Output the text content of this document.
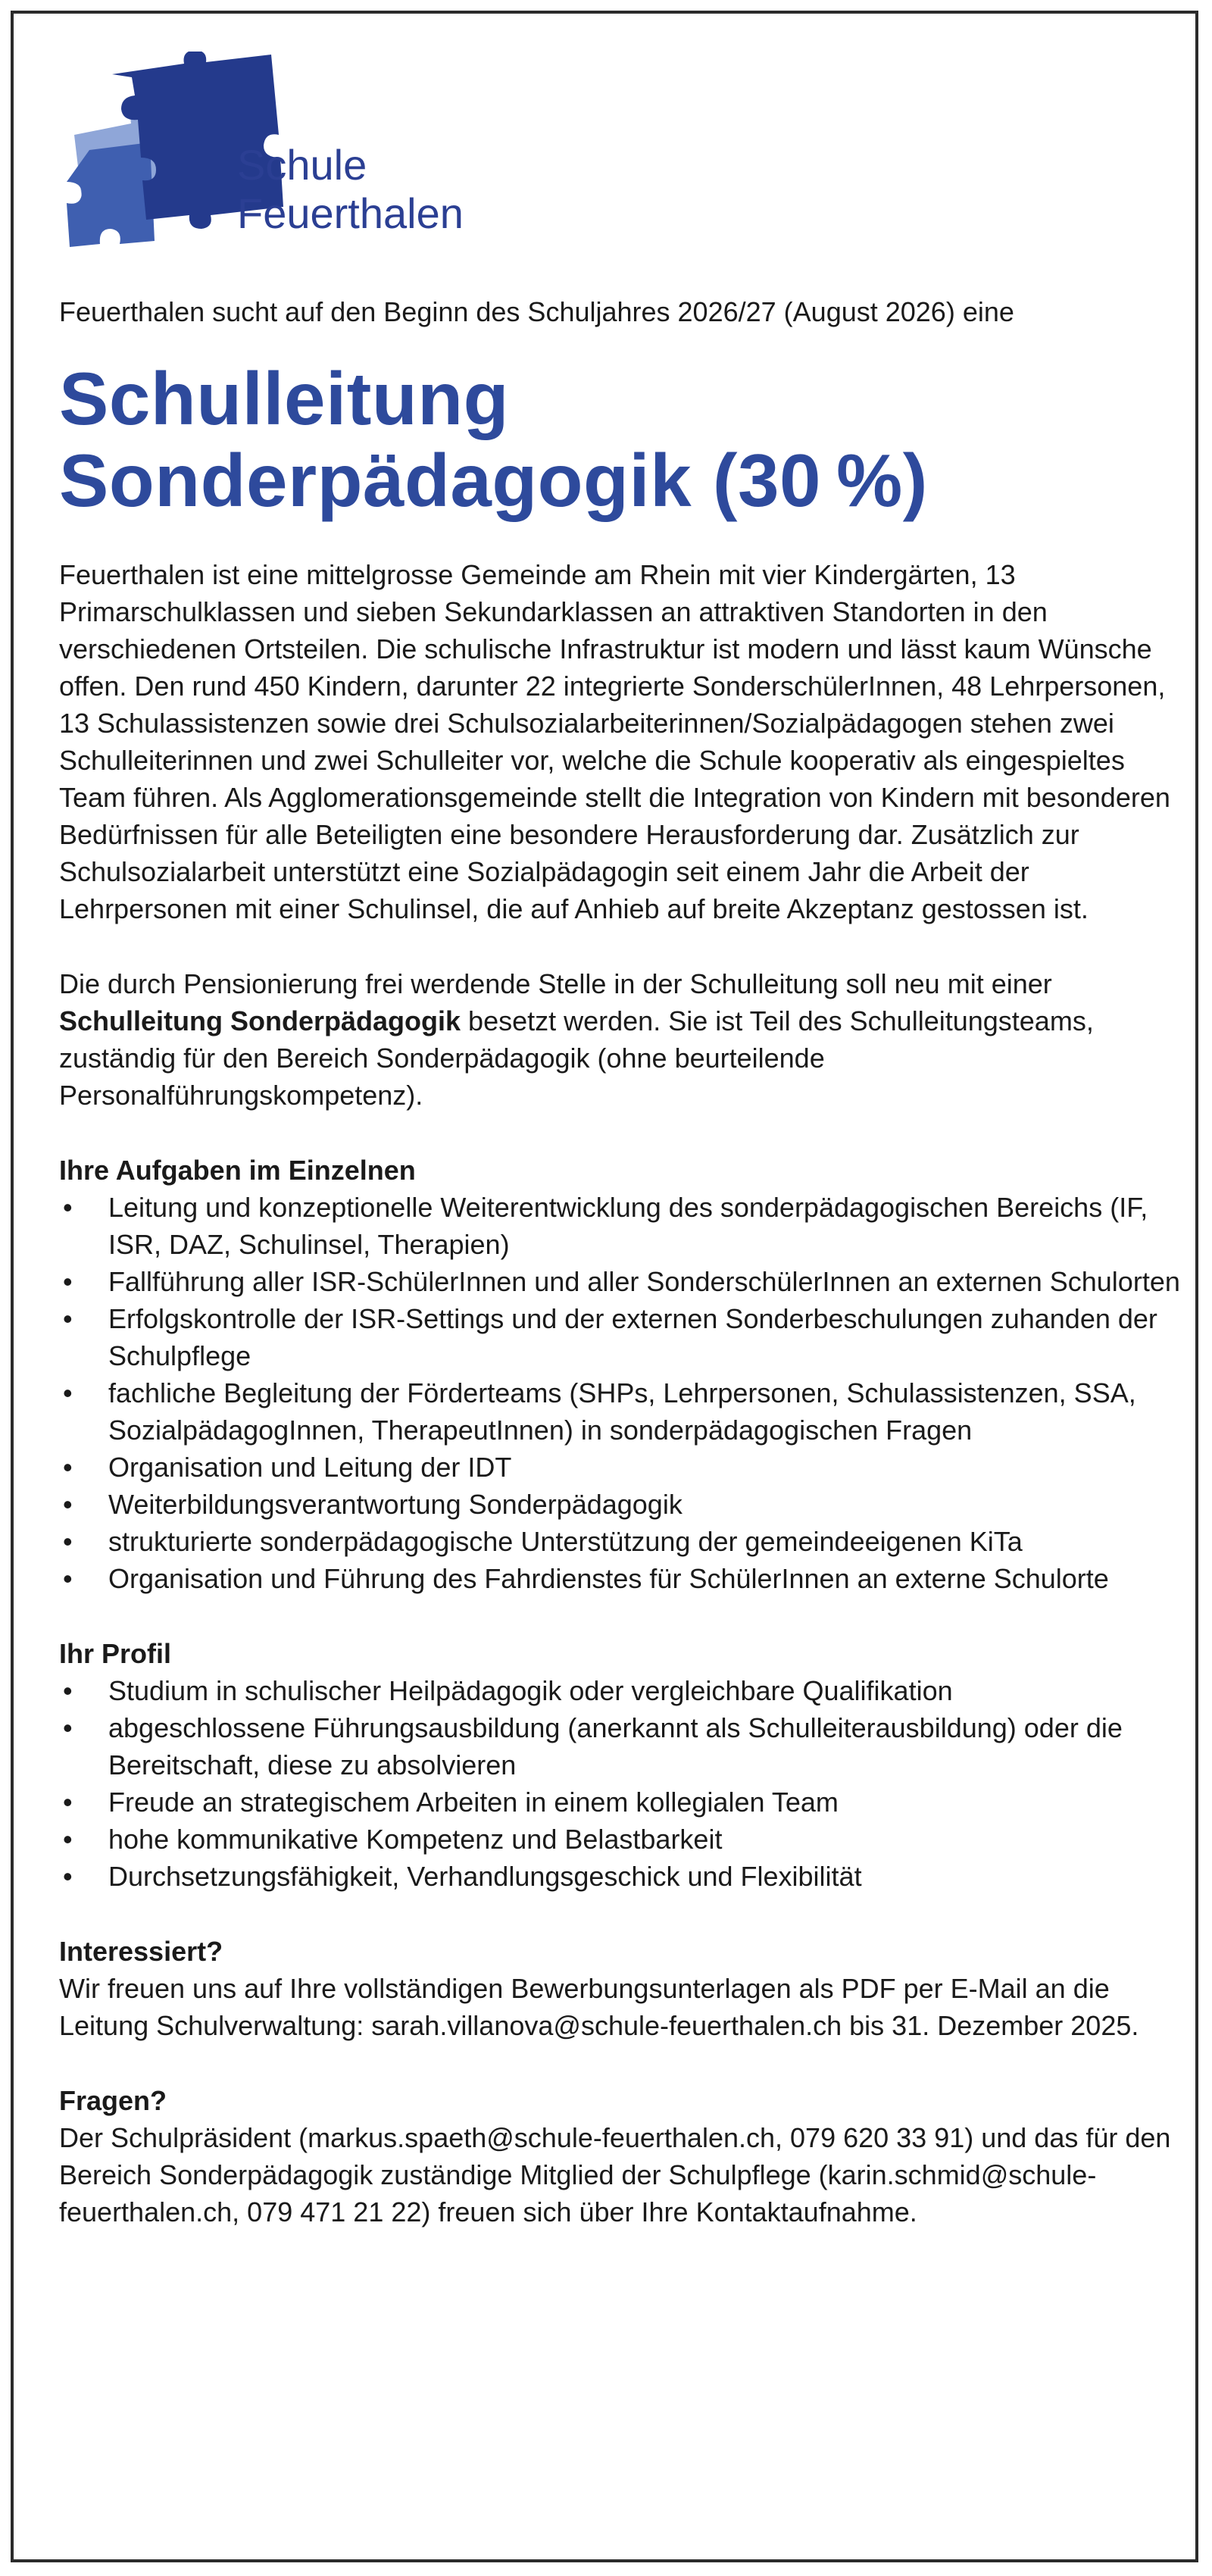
Schule
Feuerthalen
Feuerthalen sucht auf den Beginn des Schuljahres 2026/27 (August 2026) eine
Schulleitung
Sonderpädagogik (30 %)

Feuerthalen ist eine mittelgrosse Gemeinde am Rhein mit vier Kindergärten, 13 Primarschulklassen und sieben Sekundarklassen an attraktiven Standorten in den verschiedenen Ortsteilen. Die schulische Infrastruktur ist modern und lässt kaum Wünsche offen. Den rund 450 Kindern, darunter 22 integrierte SonderschülerInnen, 48 Lehrpersonen, 13 Schulassistenzen sowie drei Schulsozialarbeiterinnen/Sozialpädagogen stehen zwei Schulleiterinnen und zwei Schulleiter vor, welche die Schule kooperativ als eingespieltes Team führen. Als Agglomerationsgemeinde stellt die Integration von Kindern mit besonderen Bedürfnissen für alle Beteiligten eine besondere Herausforderung dar. Zusätzlich zur Schulsozialarbeit unterstützt eine Sozialpädagogin seit einem Jahr die Arbeit der Lehrpersonen mit einer Schulinsel, die auf Anhieb auf breite Akzeptanz gestossen ist.

Die durch Pensionierung frei werdende Stelle in der Schulleitung soll neu mit einer Schulleitung Sonderpädagogik besetzt werden. Sie ist Teil des Schulleitungsteams, zuständig für den Bereich Sonderpädagogik (ohne beurteilende Personalführungskompetenz).

Ihre Aufgaben im Einzelnen
• Leitung und konzeptionelle Weiterentwicklung des sonderpädagogischen Bereichs (IF, ISR, DAZ, Schulinsel, Therapien)
• Fallführung aller ISR-SchülerInnen und aller SonderschülerInnen an externen Schulorten
• Erfolgskontrolle der ISR-Settings und der externen Sonderbeschulungen zuhanden der Schulpflege
• fachliche Begleitung der Förderteams (SHPs, Lehrpersonen, Schulassistenzen, SSA, SozialpädagogInnen, TherapeutInnen) in sonderpädagogischen Fragen
• Organisation und Leitung der IDT
• Weiterbildungsverantwortung Sonderpädagogik
• strukturierte sonderpädagogische Unterstützung der gemeindeeigenen KiTa
• Organisation und Führung des Fahrdienstes für SchülerInnen an externe Schulorte
Ihr Profil
• Studium in schulischer Heilpädagogik oder vergleichbare Qualifikation
• abgeschlossene Führungsausbildung (anerkannt als Schulleiterausbildung) oder die Bereitschaft, diese zu absolvieren
• Freude an strategischem Arbeiten in einem kollegialen Team
• hohe kommunikative Kompetenz und Belastbarkeit
• Durchsetzungsfähigkeit, Verhandlungsgeschick und Flexibilität
Interessiert?
Wir freuen uns auf Ihre vollständigen Bewerbungsunterlagen als PDF per E-Mail an die Leitung Schulverwaltung: sarah.villanova@schule-feuerthalen.ch bis 31. Dezember 2025.
Fragen?
Der Schulpräsident (markus.spaeth@schule-feuerthalen.ch, 079 620 33 91) und das für den Bereich Sonderpädagogik zuständige Mitglied der Schulpflege (karin.schmid@schule-feuerthalen.ch, 079 471 21 22) freuen sich über Ihre Kontaktaufnahme.
